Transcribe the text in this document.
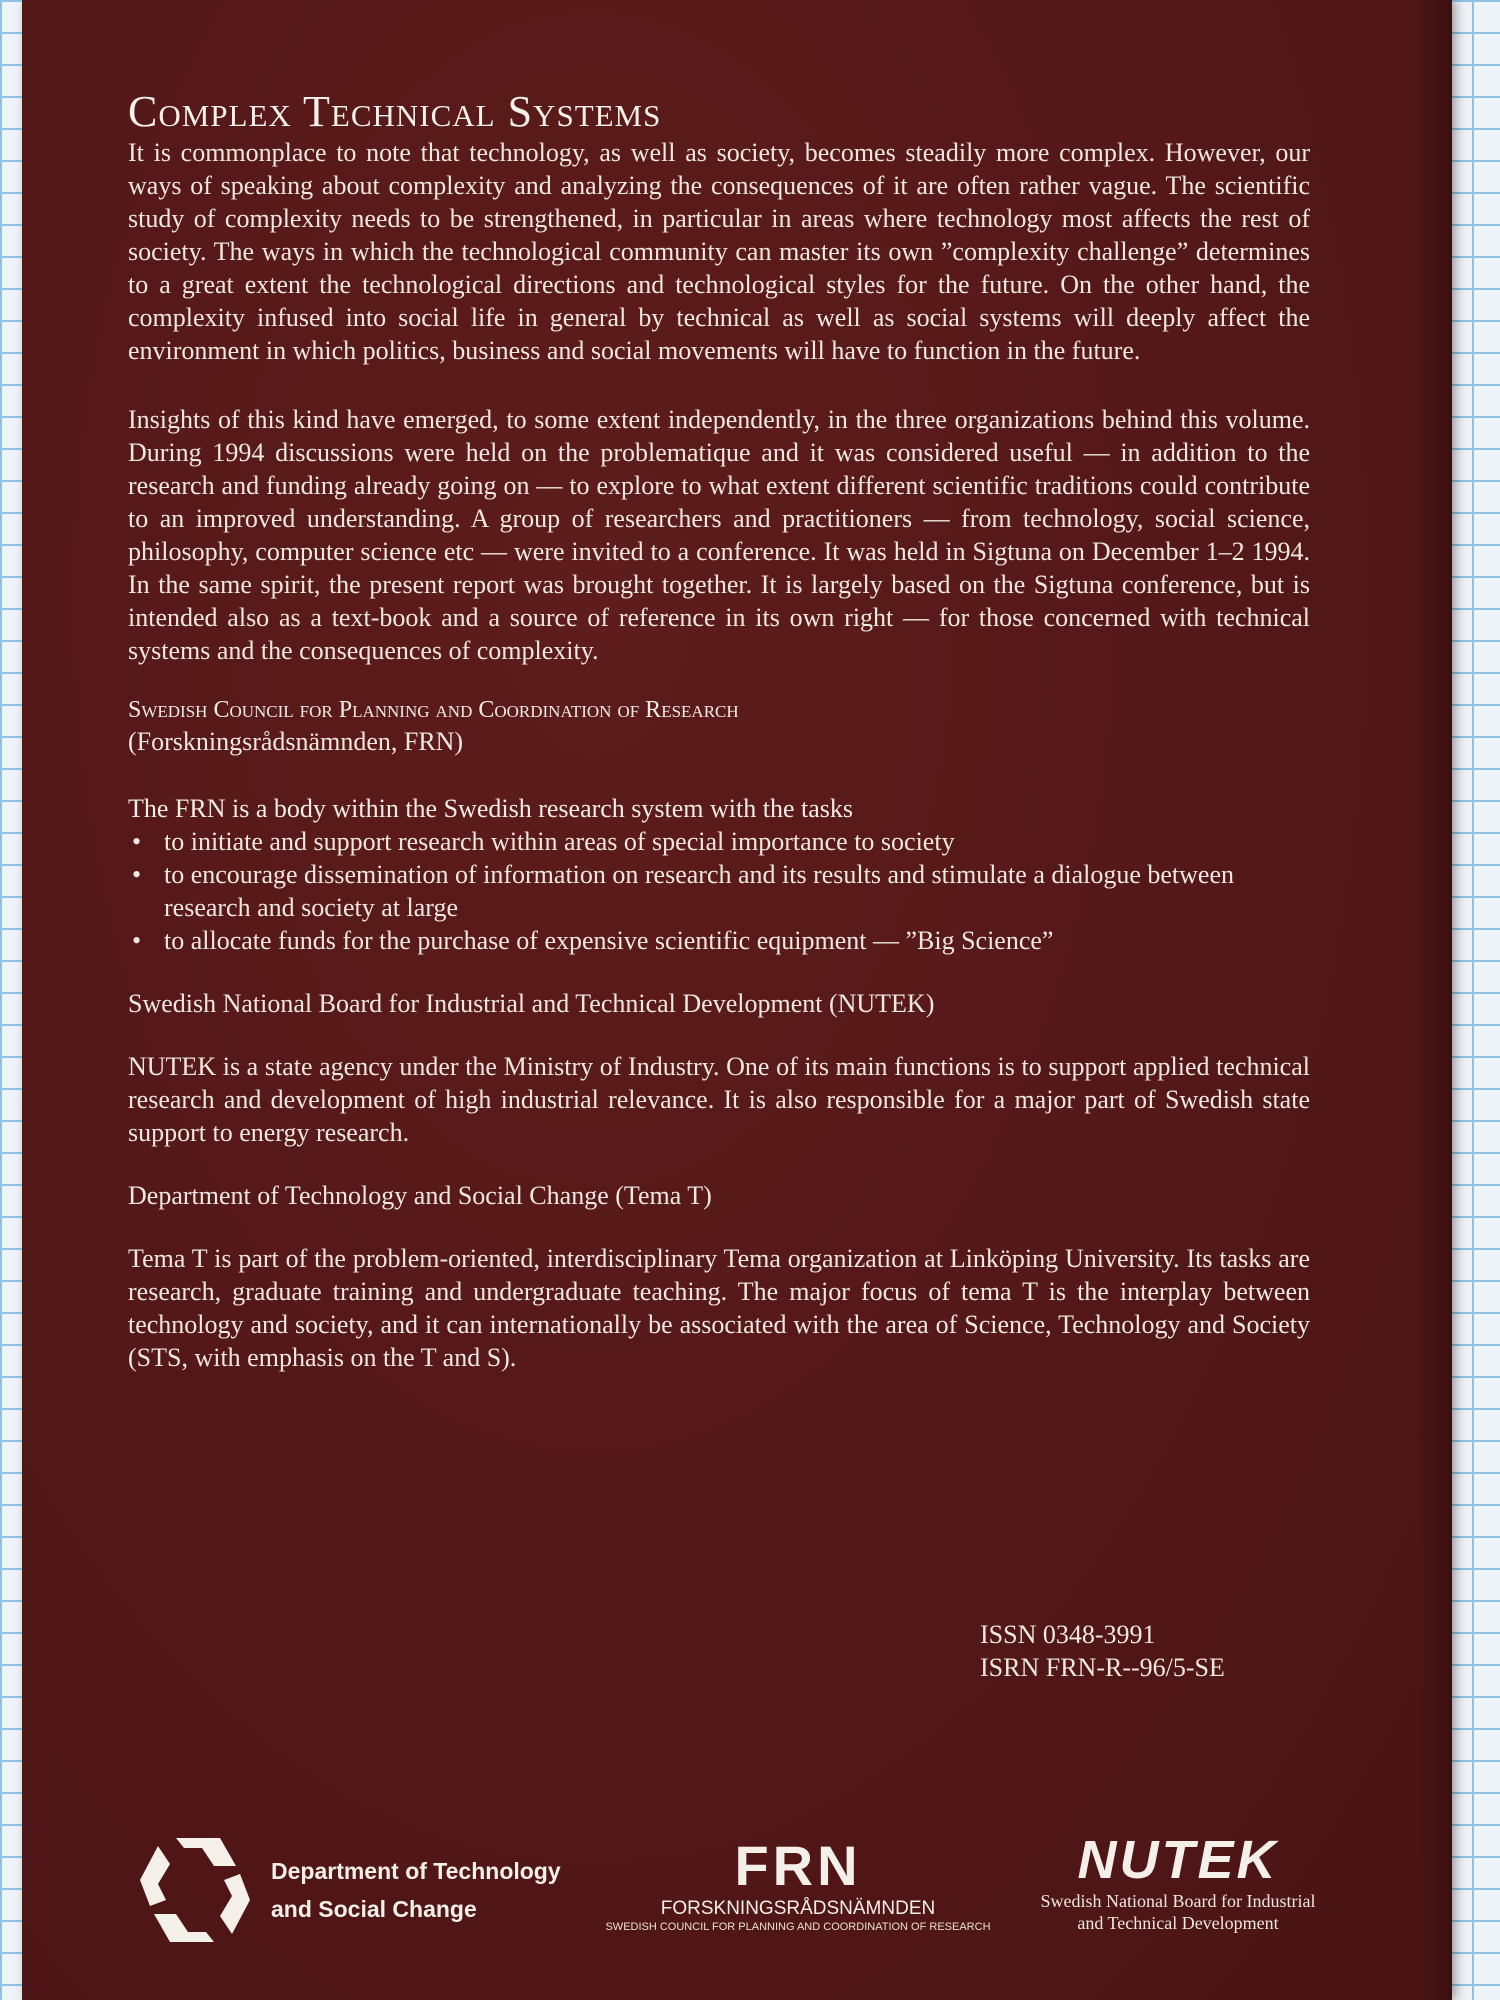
Complex Technical Systems

It is commonplace to note that technology, as well as society, becomes steadily more complex. However, our ways of speaking about complexity and analyzing the consequences of it are often rather vague. The scientific study of complexity needs to be strengthened, in particular in areas where technology most affects the rest of society. The ways in which the technological community can master its own ”complexity challenge” determines to a great extent the technological directions and technological styles for the future. On the other hand, the complexity infused into social life in general by technical as well as social systems will deeply affect the environment in which politics, business and social movements will have to function in the future.

Insights of this kind have emerged, to some extent independently, in the three organizations behind this volume. During 1994 discussions were held on the problematique and it was considered useful — in addition to the research and funding already going on — to explore to what extent different scientific traditions could contribute to an improved understanding. A group of researchers and practitioners — from technology, social science, philosophy, computer science etc — were invited to a conference. It was held in Sigtuna on December 1–2 1994. In the same spirit, the present report was brought together. It is largely based on the Sigtuna conference, but is intended also as a text-book and a source of reference in its own right — for those concerned with technical systems and the consequences of complexity.

Swedish Council for Planning and Coordination of Research
(Forskningsrådsnämnden, FRN)
The FRN is a body within the Swedish research system with the tasks
• to initiate and support research within areas of special importance to society
• to encourage dissemination of information on research and its results and stimulate a dialogue between research and society at large
• to allocate funds for the purchase of expensive scientific equipment — ”Big Science”
Swedish National Board for Industrial and Technical Development (NUTEK)

NUTEK is a state agency under the Ministry of Industry. One of its main functions is to support applied technical research and development of high industrial relevance. It is also responsible for a major part of Swedish state support to energy research.

Department of Technology and Social Change (Tema T)

Tema T is part of the problem-oriented, interdisciplinary Tema organization at Linköping University. Its tasks are research, graduate training and undergraduate teaching. The major focus of tema T is the interplay between technology and society, and it can internationally be associated with the area of Science, Technology and Society (STS, with emphasis on the T and S).

ISSN 0348-3991
ISRN FRN-R--96/5-SE
Department of Technology
and Social Change
FRN
FORSKNINGSRÅDSNÄMNDEN
SWEDISH COUNCIL FOR PLANNING AND COORDINATION OF RESEARCH
NUTEK
Swedish National Board for Industrial
and Technical Development
